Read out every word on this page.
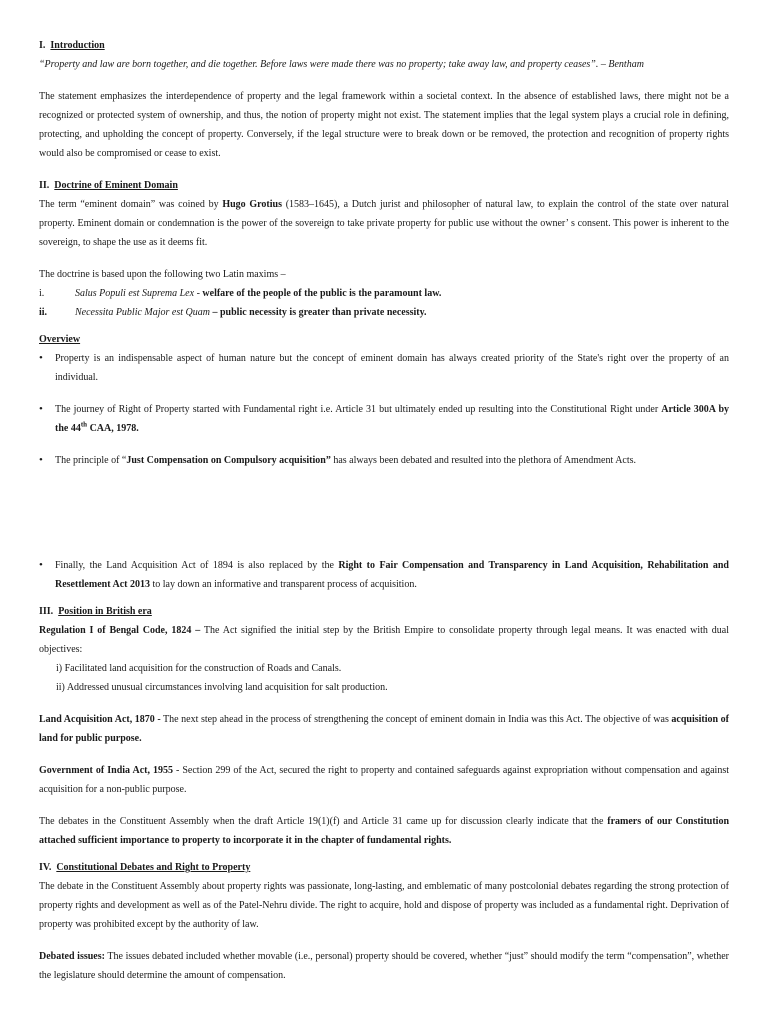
I. Introduction

“Property and law are born together, and die together. Before laws were made there was no property; take away law, and property ceases”. – Bentham

The statement emphasizes the interdependence of property and the legal framework within a societal context. In the absence of established laws, there might not be a recognized or protected system of ownership, and thus, the notion of property might not exist. The statement implies that the legal system plays a crucial role in defining, protecting, and upholding the concept of property. Conversely, if the legal structure were to break down or be removed, the protection and recognition of property rights would also be compromised or cease to exist.

II. Doctrine of Eminent Domain

The term “eminent domain” was coined by Hugo Grotius (1583–1645), a Dutch jurist and philosopher of natural law, to explain the control of the state over natural property. Eminent domain or condemnation is the power of the sovereign to take private property for public use without the owner’ s consent. This power is inherent to the sovereign, to shape the use as it deems fit.

The doctrine is based upon the following two Latin maxims –

i.	Salus Populi est Suprema Lex - welfare of the people of the public is the paramount law.
ii.	Necessita Public Major est Quam – public necessity is greater than private necessity.

Overview

•	Property is an indispensable aspect of human nature but the concept of eminent domain has always created priority of the State's right over the property of an individual.
•	The journey of Right of Property started with Fundamental right i.e. Article 31 but ultimately ended up resulting into the Constitutional Right under Article 300A by the 44th CAA, 1978.
•	The principle of “Just Compensation on Compulsory acquisition” has always been debated and resulted into the plethora of Amendment Acts.
•	Finally, the Land Acquisition Act of 1894 is also replaced by the Right to Fair Compensation and Transparency in Land Acquisition, Rehabilitation and Resettlement Act 2013 to lay down an informative and transparent process of acquisition.

III. Position in British era

Regulation I of Bengal Code, 1824 – The Act signified the initial step by the British Empire to consolidate property through legal means. It was enacted with dual objectives:

i) Facilitated land acquisition for the construction of Roads and Canals.

ii) Addressed unusual circumstances involving land acquisition for salt production.

Land Acquisition Act, 1870 - The next step ahead in the process of strengthening the concept of eminent domain in India was this Act. The objective of was acquisition of land for public purpose.

Government of India Act, 1955 - Section 299 of the Act, secured the right to property and contained safeguards against expropriation without compensation and against acquisition for a non-public purpose.

The debates in the Constituent Assembly when the draft Article 19(1)(f) and Article 31 came up for discussion clearly indicate that the framers of our Constitution attached sufficient importance to property to incorporate it in the chapter of fundamental rights.

IV. Constitutional Debates and Right to Property

The debate in the Constituent Assembly about property rights was passionate, long-lasting, and emblematic of many postcolonial debates regarding the strong protection of property rights and development as well as of the Patel-Nehru divide. The right to acquire, hold and dispose of property was included as a fundamental right. Deprivation of property was prohibited except by the authority of law.

Debated issues: The issues debated included whether movable (i.e., personal) property should be covered, whether “just” should modify the term “compensation”, whether the legislature should determine the amount of compensation.
